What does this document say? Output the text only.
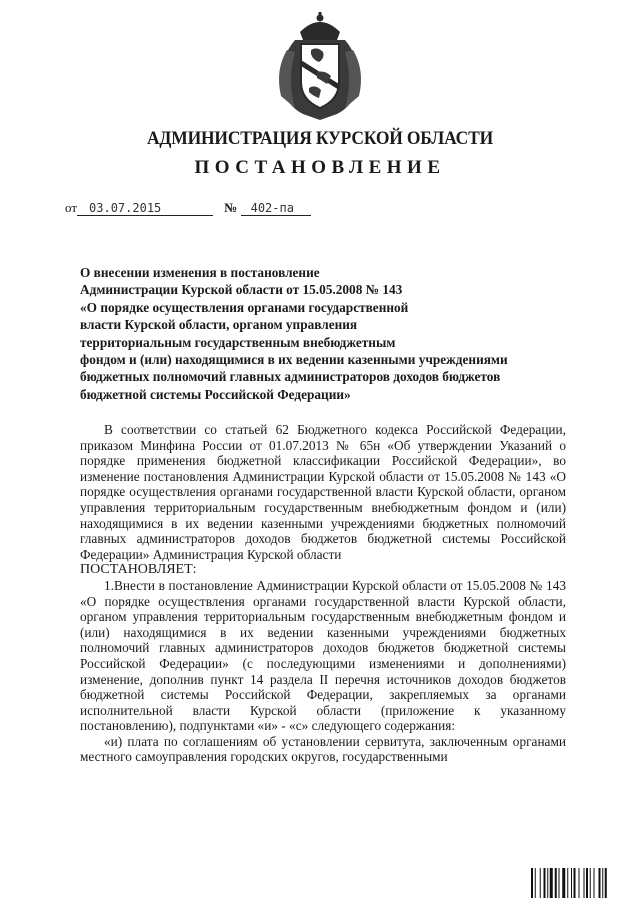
АДМИНИСТРАЦИЯ КУРСКОЙ ОБЛАСТИ
ПОСТАНОВЛЕНИЕ
от 03.07.2015	№ 402-па
О внесении изменения в постановление
Администрации Курской области от 15.05.2008 № 143
«О порядке осуществления органами государственной
власти Курской области, органом управления
территориальным государственным внебюджетным
фондом и (или) находящимися в их ведении казенными учреждениями
бюджетных полномочий главных администраторов доходов бюджетов
бюджетной системы Российской Федерации»

В соответствии со статьей 62 Бюджетного кодекса Российской Федерации, приказом Минфина России от 01.07.2013 № 65н «Об утверждении Указаний о порядке применения бюджетной классификации Российской Федерации», во изменение постановления Администрации Курской области от 15.05.2008 № 143 «О порядке осуществления органами государственной власти Курской области, органом управления территориальным государственным внебюджетным фондом и (или) находящимися в их ведении казенными учреждениями бюджетных полномочий главных администраторов доходов бюджетов бюджетной системы Российской Федерации» Администрация Курской области

ПОСТАНОВЛЯЕТ:

1.Внести в постановление Администрации Курской области от 15.05.2008 № 143 «О порядке осуществления органами государственной власти Курской области, органом управления территориальным государственным внебюджетным фондом и (или) находящимися в их ведении казенными учреждениями бюджетных полномочий главных администраторов доходов бюджетов бюджетной системы Российской Федерации» (с последующими изменениями и дополнениями) изменение, дополнив пункт 14 раздела II перечня источников доходов бюджетов бюджетной системы Российской Федерации, закрепляемых за органами исполнительной власти Курской области (приложение к указанному постановлению), подпунктами «и» - «с» следующего содержания:

«и) плата по соглашениям об установлении сервитута, заключенным органами местного самоуправления городских округов, государственными
